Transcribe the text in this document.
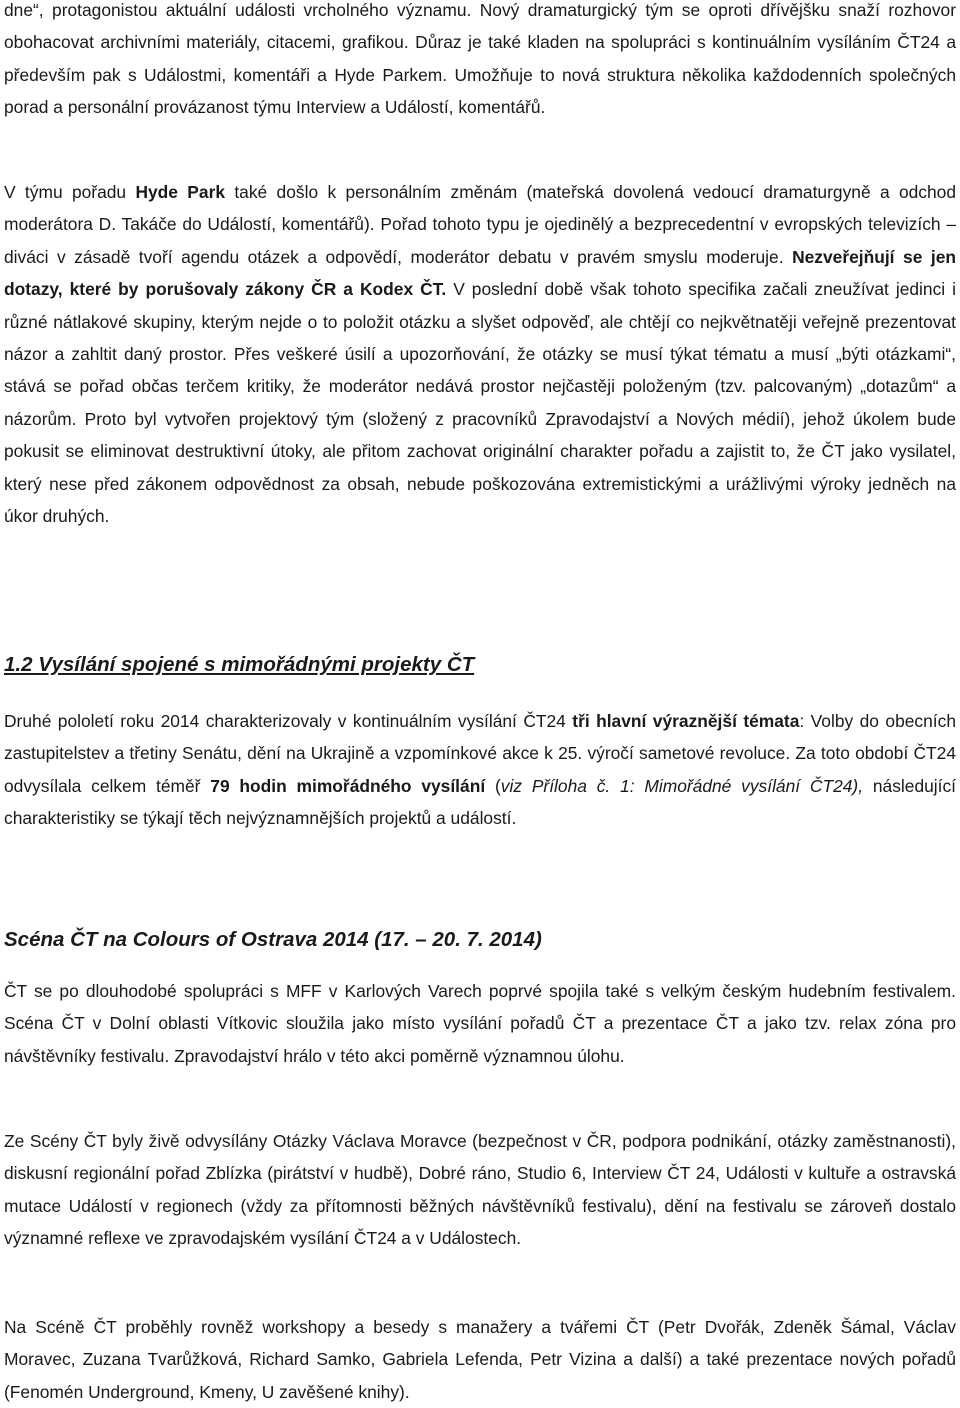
dne“, protagonistou aktuální události vrcholného významu. Nový dramaturgický tým se oproti dřívějšku snaží rozhovor obohacovat archivními materiály, citacemi, grafikou. Důraz je také kladen na spolupráci s kontinuálním vysíláním ČT24 a především pak s Událostmi, komentáři a Hyde Parkem. Umožňuje to nová struktura několika každodenních společných porad a personální provázanost týmu Interview a Událostí, komentářů.

V týmu pořadu Hyde Park také došlo k personálním změnám (mateřská dovolená vedoucí dramaturgyně a odchod moderátora D. Takáče do Událostí, komentářů). Pořad tohoto typu je ojedinělý a bezprecedentní v evropských televizích – diváci v zásadě tvoří agendu otázek a odpovědí, moderátor debatu v pravém smyslu moderuje. Nezveřejňují se jen dotazy, které by porušovaly zákony ČR a Kodex ČT. V poslední době však tohoto specifika začali zneužívat jedinci i různé nátlakové skupiny, kterým nejde o to položit otázku a slyšet odpověď, ale chtějí co nejkvětnatěji veřejně prezentovat názor a zahltit daný prostor. Přes veškeré úsilí a upozorňování, že otázky se musí týkat tématu a musí „býti otázkami“, stává se pořad občas terčem kritiky, že moderátor nedává prostor nejčastěji položeným (tzv. palcovaným) „dotazům“ a názorům. Proto byl vytvořen projektový tým (složený z pracovníků Zpravodajství a Nových médií), jehož úkolem bude pokusit se eliminovat destruktivní útoky, ale přitom zachovat originální charakter pořadu a zajistit to, že ČT jako vysilatel, který nese před zákonem odpovědnost za obsah, nebude poškozována extremistickými a urážlivými výroky jedněch na úkor druhých.

1.2 Vysílání spojené s mimořádnými projekty ČT

Druhé pololetí roku 2014 charakterizovaly v kontinuálním vysílání ČT24 tři hlavní výraznější témata: Volby do obecních zastupitelstev a třetiny Senátu, dění na Ukrajině a vzpomínkové akce k 25. výročí sametové revoluce. Za toto období ČT24 odvysílala celkem téměř 79 hodin mimořádného vysílání (viz Příloha č. 1: Mimořádné vysílání ČT24), následující charakteristiky se týkají těch nejvýznamnějších projektů a událostí.

Scéna ČT na Colours of Ostrava 2014 (17. – 20. 7. 2014)

ČT se po dlouhodobé spolupráci s MFF v Karlových Varech poprvé spojila také s velkým českým hudebním festivalem. Scéna ČT v Dolní oblasti Vítkovic sloužila jako místo vysílání pořadů ČT a prezentace ČT a jako tzv. relax zóna pro návštěvníky festivalu. Zpravodajství hrálo v této akci poměrně významnou úlohu.

Ze Scény ČT byly živě odvysílány Otázky Václava Moravce (bezpečnost v ČR, podpora podnikání, otázky zaměstnanosti), diskusní regionální pořad Zblízka (pirátství v hudbě), Dobré ráno, Studio 6, Interview ČT 24, Události v kultuře a ostravská mutace Událostí v regionech (vždy za přítomnosti běžných návštěvníků festivalu), dění na festivalu se zároveň dostalo významné reflexe ve zpravodajském vysílání ČT24 a v Událostech.

Na Scéně ČT proběhly rovněž workshopy a besedy s manažery a tvářemi ČT (Petr Dvořák, Zdeněk Šámal, Václav Moravec, Zuzana Tvarůžková, Richard Samko, Gabriela Lefenda, Petr Vizina a další) a také prezentace nových pořadů (Fenomén Underground, Kmeny, U zavěšené knihy).
